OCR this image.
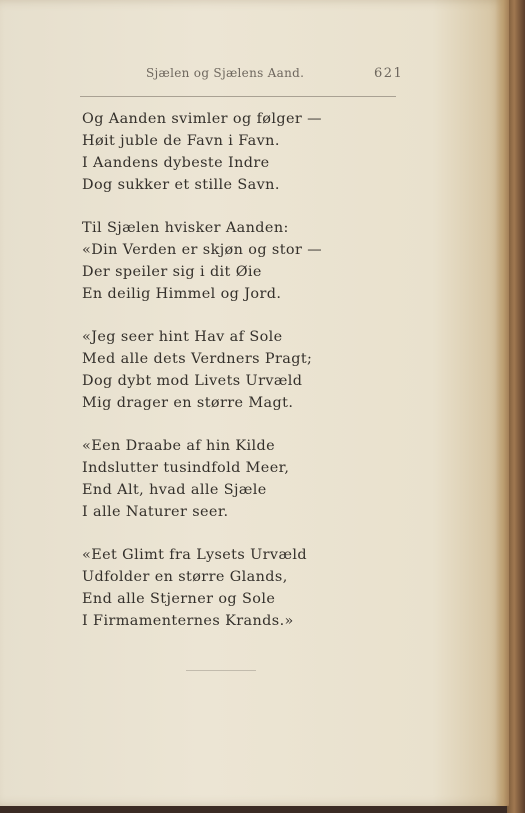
Sjælen og Sjælens Aand.	621
Og Aanden svimler og følger —
Høit juble de Favn i Favn.
I Aandens dybeste Indre
Dog sukker et stille Savn.
Til Sjælen hvisker Aanden:
«Din Verden er skjøn og stor —
Der speiler sig i dit Øie
En deilig Himmel og Jord.
«Jeg seer hint Hav af Sole
Med alle dets Verdners Pragt;
Dog dybt mod Livets Urvæld
Mig drager en større Magt.
«Een Draabe af hin Kilde
Indslutter tusindfold Meer,
End Alt, hvad alle Sjæle
I alle Naturer seer.
«Eet Glimt fra Lysets Urvæld
Udfolder en større Glands,
End alle Stjerner og Sole
I Firmamenternes Krands.»
